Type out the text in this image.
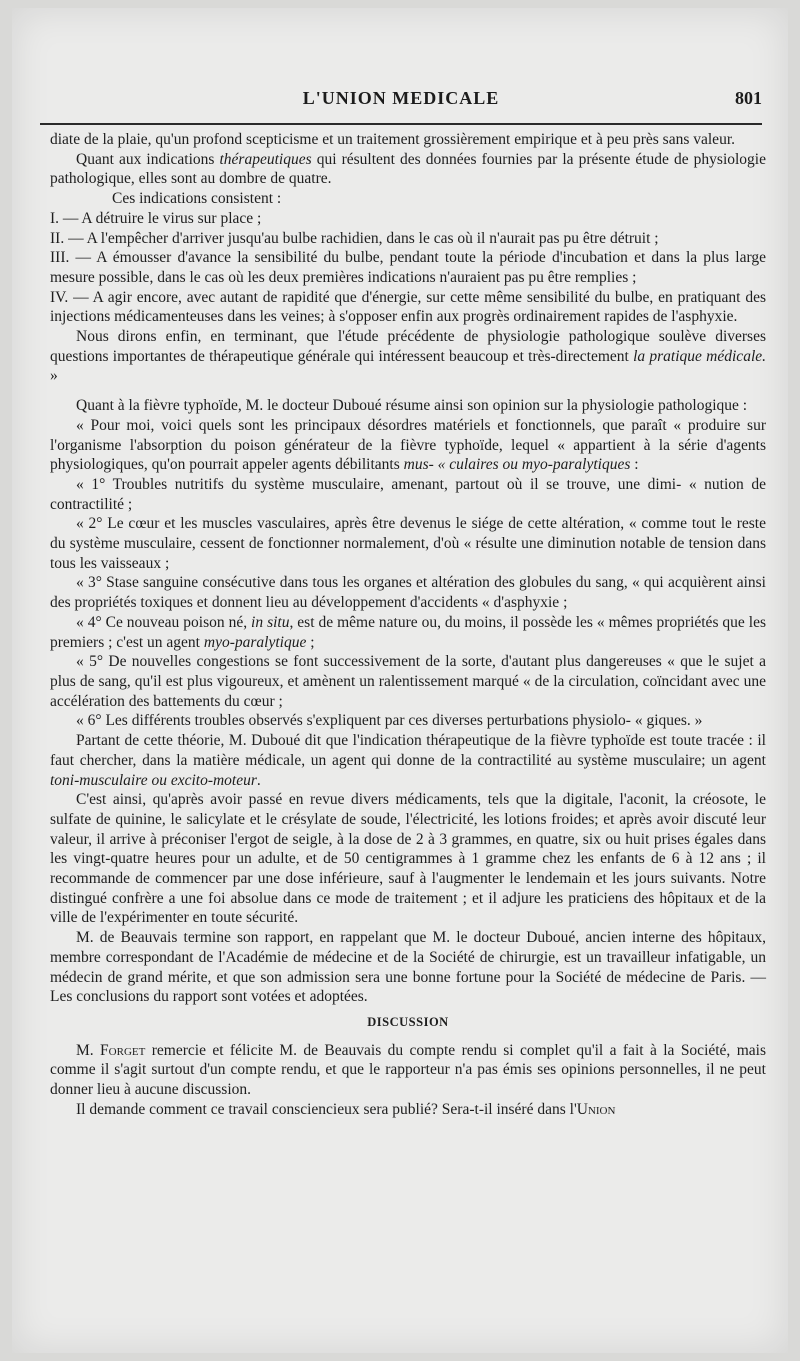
L'UNION MEDICALE	801

diate de la plaie, qu'un profond scepticisme et un traitement grossièrement empirique et à peu près sans valeur.

Quant aux indications thérapeutiques qui résultent des données fournies par la présente étude de physiologie pathologique, elles sont au dombre de quatre.

Ces indications consistent :

I. — A détruire le virus sur place ;

II. — A l'empêcher d'arriver jusqu'au bulbe rachidien, dans le cas où il n'aurait pas pu être détruit ;

III. — A émousser d'avance la sensibilité du bulbe, pendant toute la période d'incubation et dans la plus large mesure possible, dans le cas où les deux premières indications n'auraient pas pu être remplies ;

IV. — A agir encore, avec autant de rapidité que d'énergie, sur cette même sensibilité du bulbe, en pratiquant des injections médicamenteuses dans les veines; à s'opposer enfin aux progrès ordinairement rapides de l'asphyxie.

Nous dirons enfin, en terminant, que l'étude précédente de physiologie pathologique soulève diverses questions importantes de thérapeutique générale qui intéressent beaucoup et très-directement la pratique médicale. »

Quant à la fièvre typhoïde, M. le docteur Duboué résume ainsi son opinion sur la physiologie pathologique :

« Pour moi, voici quels sont les principaux désordres matériels et fonctionnels, que paraît « produire sur l'organisme l'absorption du poison générateur de la fièvre typhoïde, lequel « appartient à la série d'agents physiologiques, qu'on pourrait appeler agents débilitants mus- « culaires ou myo-paralytiques :

« 1° Troubles nutritifs du système musculaire, amenant, partout où il se trouve, une dimi- « nution de contractilité ;

« 2° Le cœur et les muscles vasculaires, après être devenus le siége de cette altération, « comme tout le reste du système musculaire, cessent de fonctionner normalement, d'où « résulte une diminution notable de tension dans tous les vaisseaux ;

« 3° Stase sanguine consécutive dans tous les organes et altération des globules du sang, « qui acquièrent ainsi des propriétés toxiques et donnent lieu au développement d'accidents « d'asphyxie ;

« 4° Ce nouveau poison né, in situ, est de même nature ou, du moins, il possède les « mêmes propriétés que les premiers ; c'est un agent myo-paralytique ;

« 5° De nouvelles congestions se font successivement de la sorte, d'autant plus dangereuses « que le sujet a plus de sang, qu'il est plus vigoureux, et amènent un ralentissement marqué « de la circulation, coïncidant avec une accélération des battements du cœur ;

« 6° Les différents troubles observés s'expliquent par ces diverses perturbations physiolo- « giques. »

Partant de cette théorie, M. Duboué dit que l'indication thérapeutique de la fièvre typhoïde est toute tracée : il faut chercher, dans la matière médicale, un agent qui donne de la contractilité au système musculaire; un agent toni-musculaire ou excito-moteur.

C'est ainsi, qu'après avoir passé en revue divers médicaments, tels que la digitale, l'aconit, la créosote, le sulfate de quinine, le salicylate et le crésylate de soude, l'électricité, les lotions froides; et après avoir discuté leur valeur, il arrive à préconiser l'ergot de seigle, à la dose de 2 à 3 grammes, en quatre, six ou huit prises égales dans les vingt-quatre heures pour un adulte, et de 50 centigrammes à 1 gramme chez les enfants de 6 à 12 ans ; il recommande de commencer par une dose inférieure, sauf à l'augmenter le lendemain et les jours suivants. Notre distingué confrère a une foi absolue dans ce mode de traitement ; et il adjure les praticiens des hôpitaux et de la ville de l'expérimenter en toute sécurité.

M. de Beauvais termine son rapport, en rappelant que M. le docteur Duboué, ancien interne des hôpitaux, membre correspondant de l'Académie de médecine et de la Société de chirurgie, est un travailleur infatigable, un médecin de grand mérite, et que son admission sera une bonne fortune pour la Société de médecine de Paris. — Les conclusions du rapport sont votées et adoptées.

DISCUSSION

M. Forget remercie et félicite M. de Beauvais du compte rendu si complet qu'il a fait à la Société, mais comme il s'agit surtout d'un compte rendu, et que le rapporteur n'a pas émis ses opinions personnelles, il ne peut donner lieu à aucune discussion.

Il demande comment ce travail consciencieux sera publié? Sera-t-il inséré dans l'Union
